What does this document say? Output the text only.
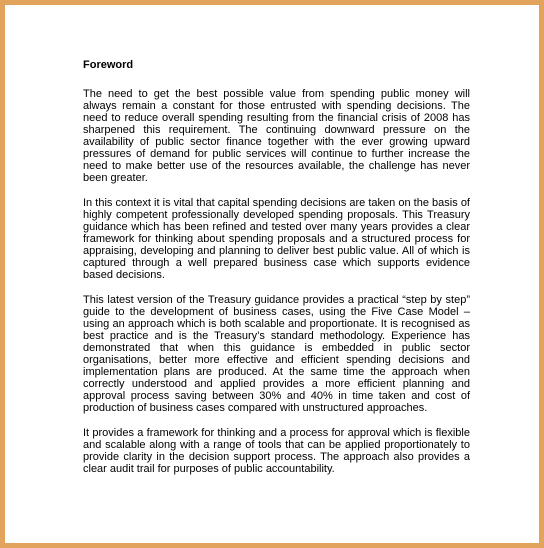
Foreword

The need to get the best possible value from spending public money will always remain a constant for those entrusted with spending decisions. The need to reduce overall spending resulting from the financial crisis of 2008 has sharpened this requirement. The continuing downward pressure on the availability of public sector finance together with the ever growing upward pressures of demand for public services will continue to further increase the need to make better use of the resources available, the challenge has never been greater.

In this context it is vital that capital spending decisions are taken on the basis of highly competent professionally developed spending proposals. This Treasury guidance which has been refined and tested over many years provides a clear framework for thinking about spending proposals and a structured process for appraising, developing and planning to deliver best public value. All of which is captured through a well prepared business case which supports evidence based decisions.

This latest version of the Treasury guidance provides a practical “step by step” guide to the development of business cases, using the Five Case Model – using an approach which is both scalable and proportionate. It is recognised as best practice and is the Treasury’s standard methodology. Experience has demonstrated that when this guidance is embedded in public sector organisations, better more effective and efficient spending decisions and implementation plans are produced. At the same time the approach when correctly understood and applied provides a more efficient planning and approval process saving between 30% and 40% in time taken and cost of production of business cases compared with unstructured approaches.

It provides a framework for thinking and a process for approval which is flexible and scalable along with a range of tools that can be applied proportionately to provide clarity in the decision support process. The approach also provides a clear audit trail for purposes of public accountability.
